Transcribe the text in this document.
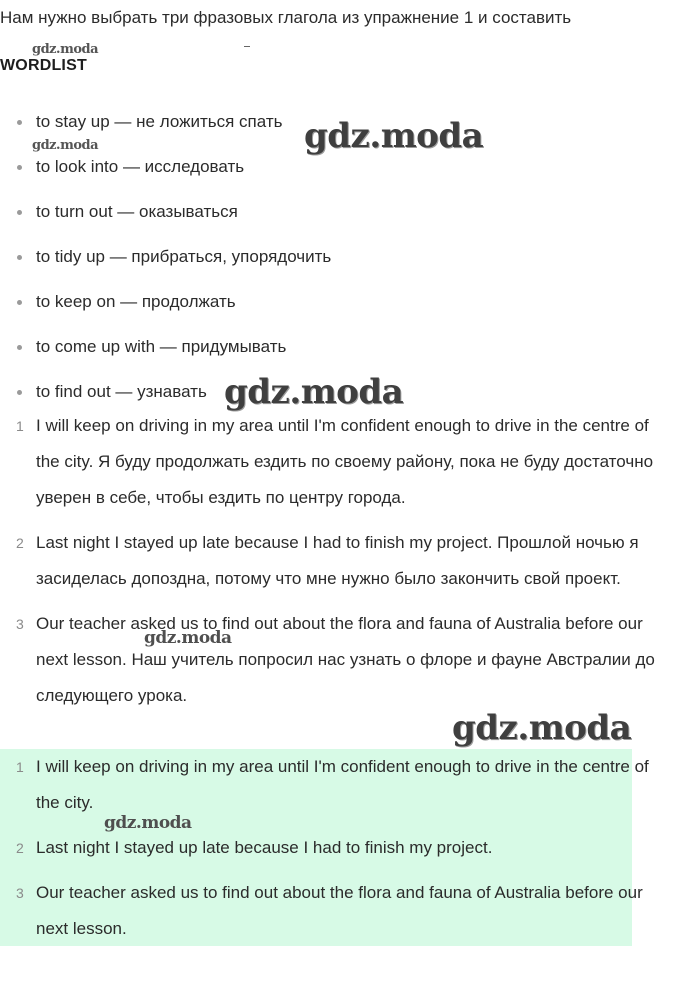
Нам нужно выбрать три фразовых глагола из упражнение 1 и составить
WORDLIST
to stay up — не ложиться спать
to look into — исследовать
to turn out — оказываться
to tidy up — прибраться, упорядочить
to keep on — продолжать
to come up with — придумывать
to find out — узнавать
1 I will keep on driving in my area until I'm confident enough to drive in the centre of the city. Я буду продолжать ездить по своему району, пока не буду достаточно уверен в себе, чтобы ездить по центру города.
2 Last night I stayed up late because I had to finish my project. Прошлой ночью я засиделась допоздна, потому что мне нужно было закончить свой проект.
3 Our teacher asked us to find out about the flora and fauna of Australia before our next lesson. Наш учитель попросил нас узнать о флоре и фауне Австралии до следующего урока.
1 I will keep on driving in my area until I'm confident enough to drive in the centre of the city.
2 Last night I stayed up late because I had to finish my project.
3 Our teacher asked us to find out about the flora and fauna of Australia before our next lesson.
gdz.moda
gdz.moda
gdz.moda
gdz.moda
gdz.moda
gdz.moda
gdz.moda
